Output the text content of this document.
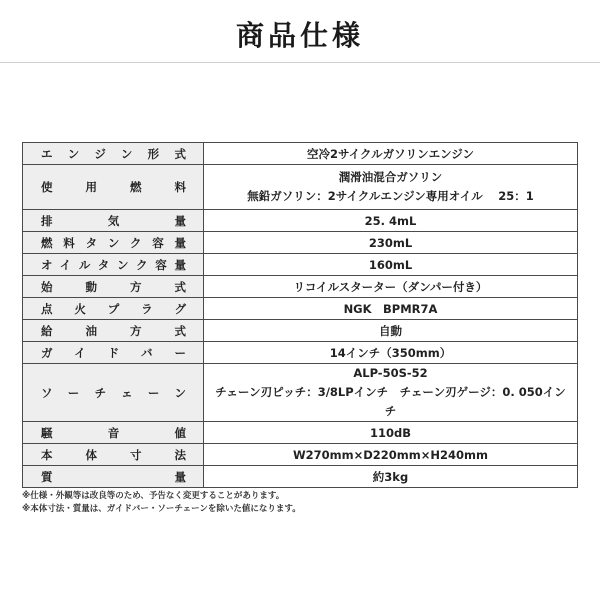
商品仕様
エンジン形式	空冷2サイクルガソリンエンジン
使用燃料	潤滑油混合ガソリン
無鉛ガソリン：2サイクルエンジン専用オイル　 25：1

排気量	25. 4mL
燃料タンク容量	230mL
オイルタンク容量	160mL
始動方式	リコイルスターター（ダンパー付き）
点火プラグ	NGK　BPMR7A
給油方式	自動
ガイドバー	14インチ（350mm）
ソーチェーン	ALP-50S-52
チェーン刃ピッチ：3/8LPインチ　チェーン刃ゲージ：0. 050インチ

騒音値	110dB
本体寸法	W270mm×D220mm×H240mm
質量	約3kg
※仕様・外観等は改良等のため、予告なく変更することがあります。
※本体寸法・質量は、ガイドバー・ソーチェーンを除いた値になります。
